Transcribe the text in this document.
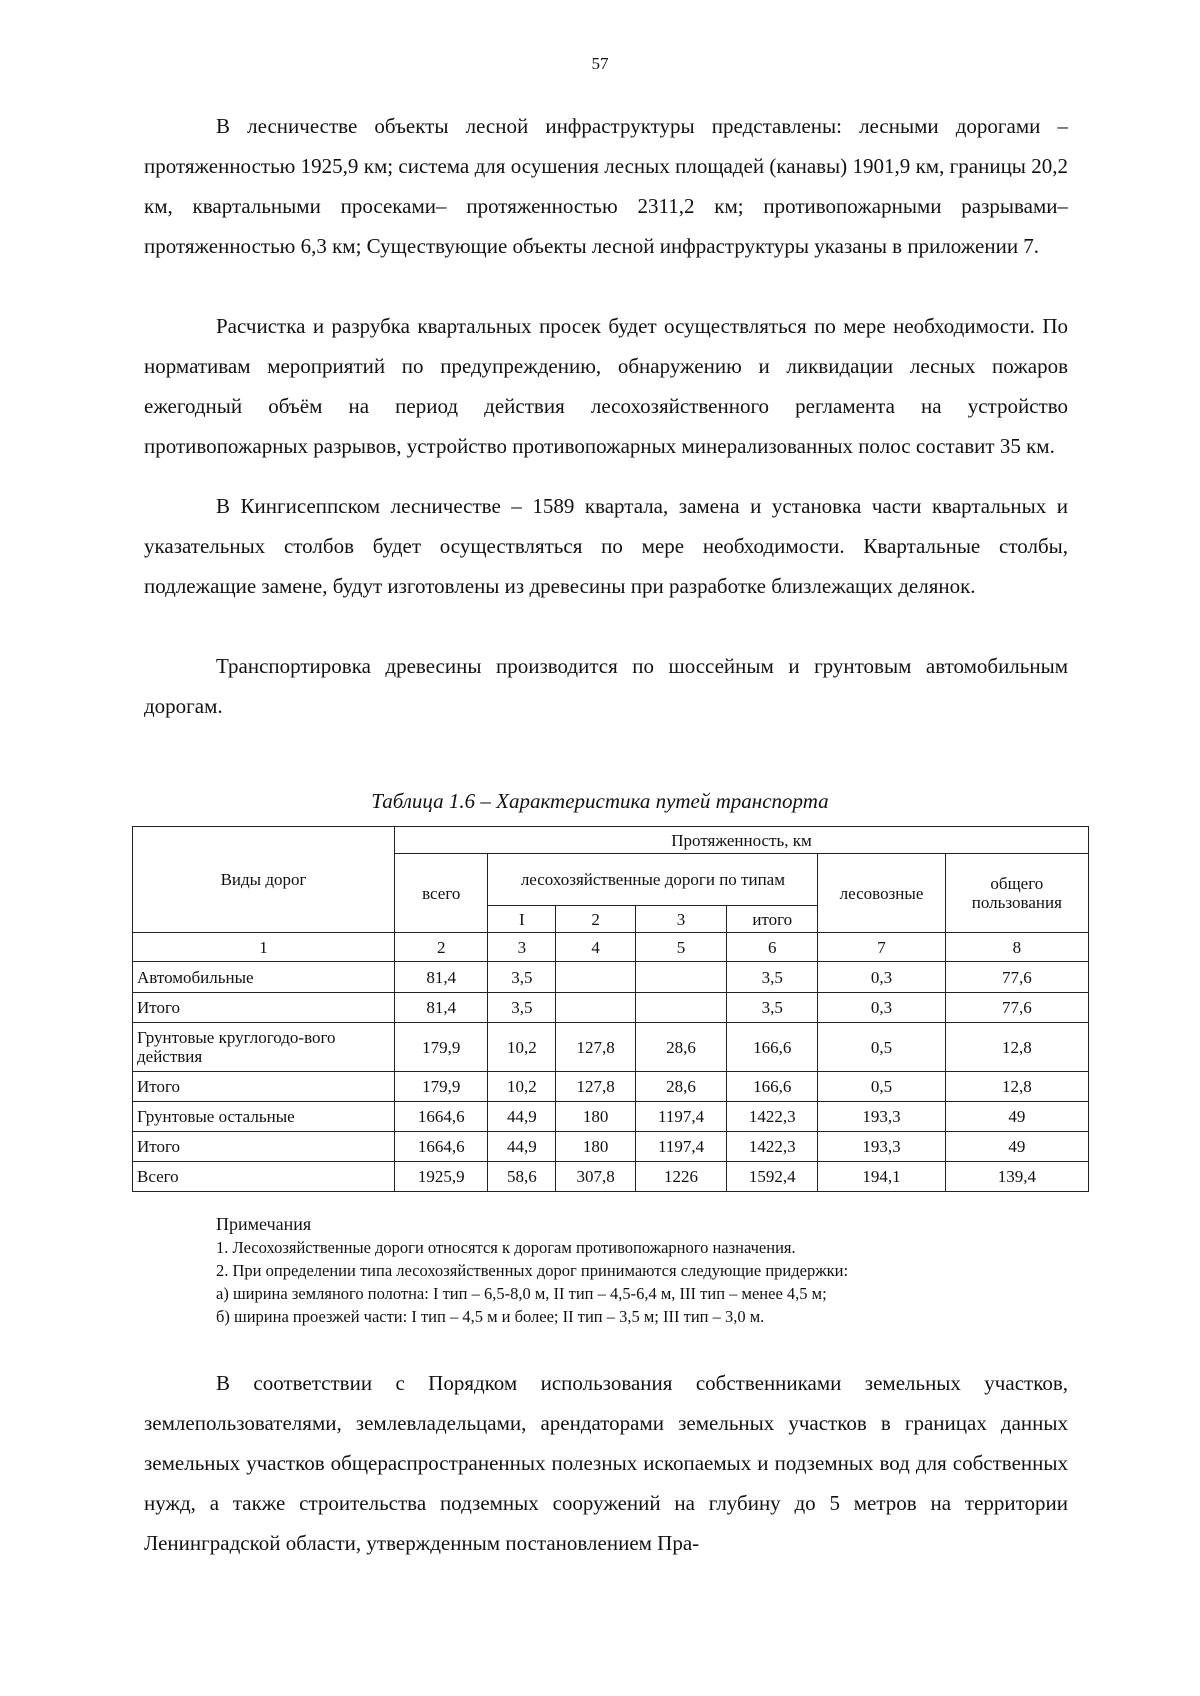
57

В лесничестве объекты лесной инфраструктуры представлены: лесными дорогами – протяженностью 1925,9 км; система для осушения лесных площадей (канавы) 1901,9 км, границы 20,2 км, квартальными просеками– протяженностью 2311,2 км; противопожарными разрывами– протяженностью 6,3 км; Существующие объекты лесной инфраструктуры указаны в приложении 7.

Расчистка и разрубка квартальных просек будет осуществляться по мере необходимости. По нормативам мероприятий по предупреждению, обнаружению и ликвидации лесных пожаров ежегодный объём на период действия лесохозяйственного регламента на устройство противопожарных разрывов, устройство противопожарных минерализованных полос составит 35 км.

В Кингисеппском лесничестве – 1589 квартала, замена и установка части квартальных и указательных столбов будет осуществляться по мере необходимости. Квартальные столбы, подлежащие замене, будут изготовлены из древесины при разработке близлежащих делянок.

Транспортировка древесины производится по шоссейным и грунтовым автомобильным дорогам.

Таблица 1.6 – Характеристика путей транспорта
Виды дорог	Протяженность, км						
	всего	лесохозяйственные дороги по типам				лесовозные	общего пользования
		I	2	3	итого		
1	2	3	4	5	6	7	8
Автомобильные	81,4	3,5			3,5	0,3	77,6
Итого	81,4	3,5			3,5	0,3	77,6
Грунтовые круглогодо-вого действия	179,9	10,2	127,8	28,6	166,6	0,5	12,8
Итого	179,9	10,2	127,8	28,6	166,6	0,5	12,8
Грунтовые остальные	1664,6	44,9	180	1197,4	1422,3	193,3	49
Итого	1664,6	44,9	180	1197,4	1422,3	193,3	49
Всего	1925,9	58,6	307,8	1226	1592,4	194,1	139,4
Примечания
1. Лесохозяйственные дороги относятся к дорогам противопожарного назначения.
2. При определении типа лесохозяйственных дорог принимаются следующие придержки:
а) ширина земляного полотна: I тип – 6,5-8,0 м, II тип – 4,5-6,4 м, III тип – менее 4,5 м;
б) ширина проезжей части: I тип – 4,5 м и более; II тип – 3,5 м; III тип – 3,0 м.

В соответствии с Порядком использования собственниками земельных участков, землепользователями, землевладельцами, арендаторами земельных участков в границах данных земельных участков общераспространенных полезных ископаемых и подземных вод для собственных нужд, а также строительства подземных сооружений на глубину до 5 метров на территории Ленинградской области, утвержденным постановлением Пра-
